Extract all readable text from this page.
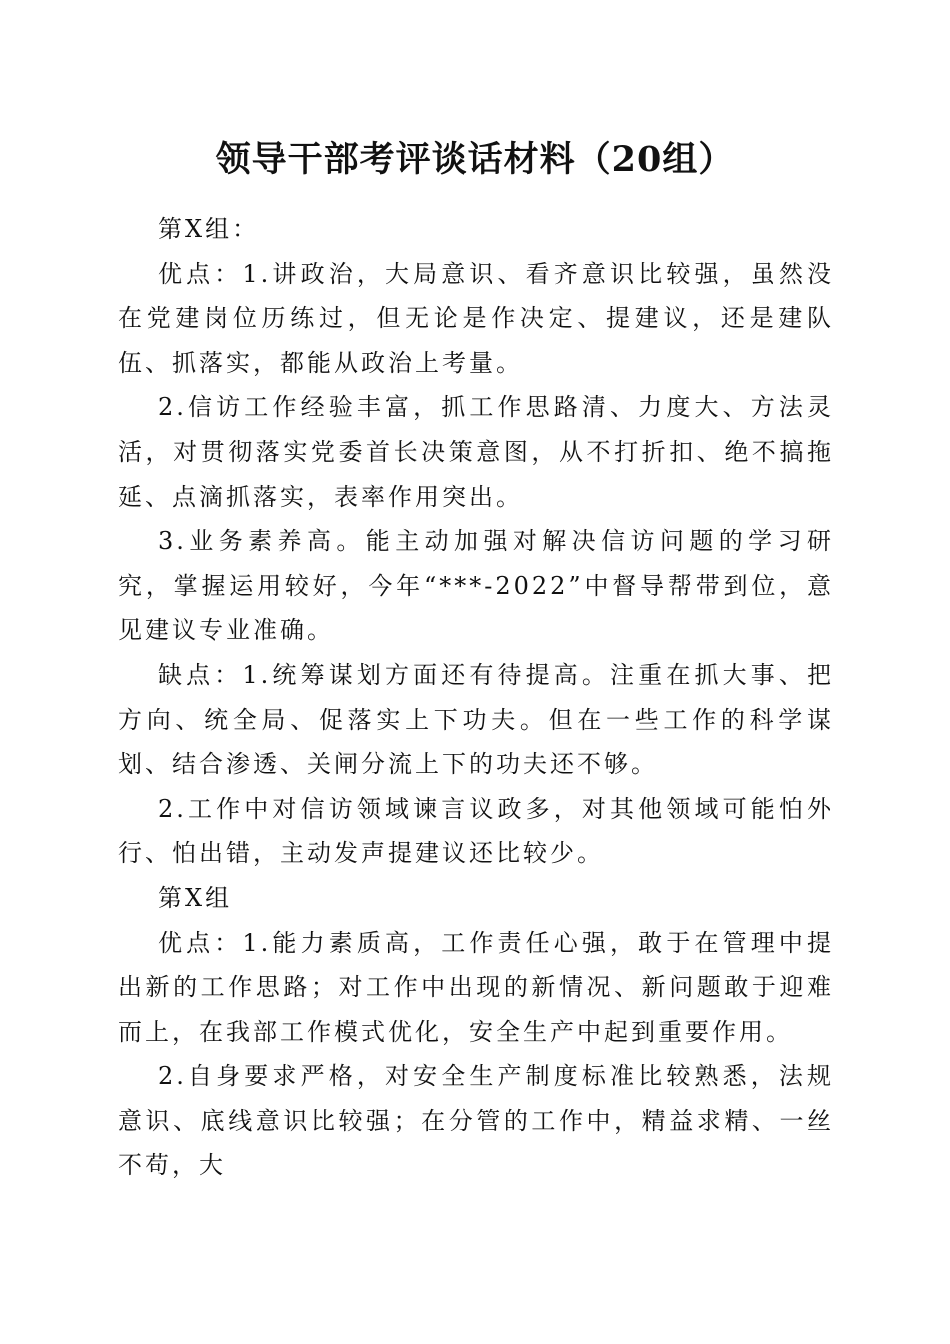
领导干部考评谈话材料（20组）

第X组：

优点：1.讲政治，大局意识、看齐意识比较强，虽然没在党建岗位历练过，但无论是作决定、提建议，还是建队伍、抓落实，都能从政治上考量。

2.信访工作经验丰富，抓工作思路清、力度大、方法灵活，对贯彻落实党委首长决策意图，从不打折扣、绝不搞拖延、点滴抓落实，表率作用突出。

3.业务素养高。能主动加强对解决信访问题的学习研究，掌握运用较好，今年“***-2022”中督导帮带到位，意见建议专业准确。

缺点：1.统筹谋划方面还有待提高。注重在抓大事、把方向、统全局、促落实上下功夫。但在一些工作的科学谋划、结合渗透、关闸分流上下的功夫还不够。

2.工作中对信访领域谏言议政多，对其他领域可能怕外行、怕出错，主动发声提建议还比较少。

第X组

优点：1.能力素质高，工作责任心强，敢于在管理中提出新的工作思路；对工作中出现的新情况、新问题敢于迎难而上，在我部工作模式优化，安全生产中起到重要作用。

2.自身要求严格，对安全生产制度标准比较熟悉，法规意识、底线意识比较强；在分管的工作中，精益求精、一丝不苟，大
